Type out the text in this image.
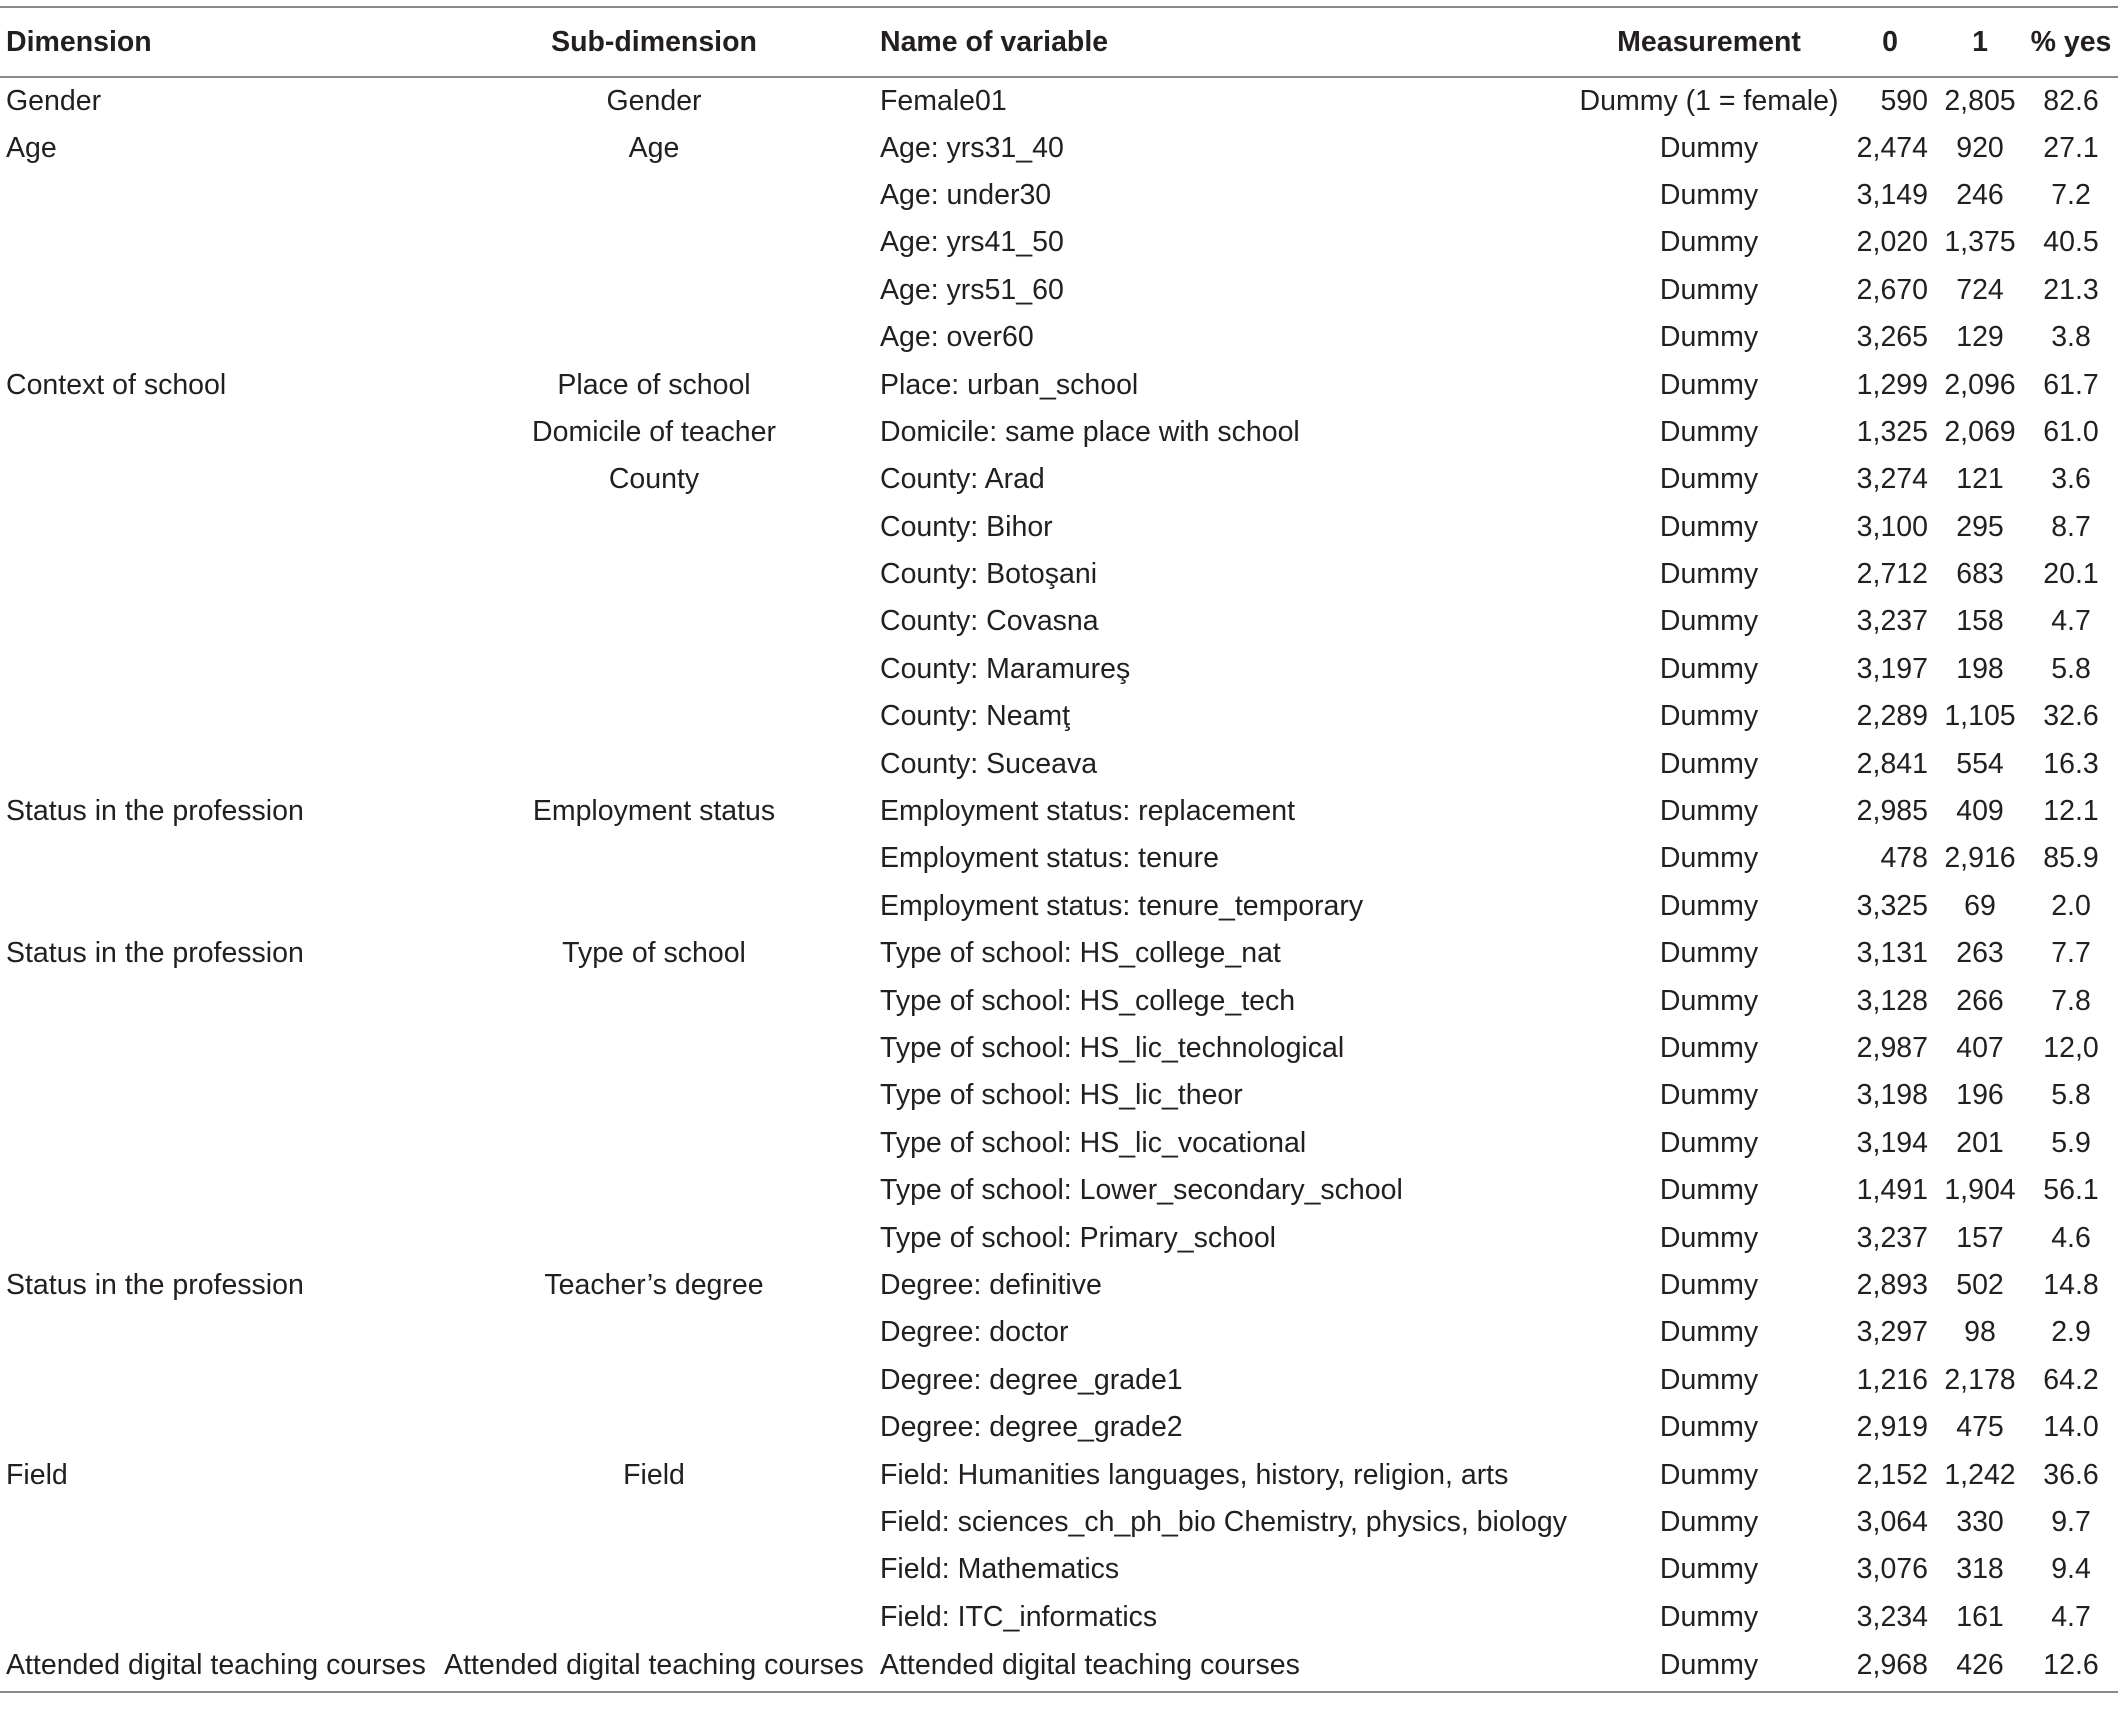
Dimension	Sub-dimension	Name of variable	Measurement	0	1	% yes
Gender	Gender	Female01	Dummy (1 = female)	590	2,805	82.6
Age	Age	Age: yrs31_40	Dummy	2,474	920	27.1
		Age: under30	Dummy	3,149	246	7.2
		Age: yrs41_50	Dummy	2,020	1,375	40.5
		Age: yrs51_60	Dummy	2,670	724	21.3
		Age: over60	Dummy	3,265	129	3.8
Context of school	Place of school	Place: urban_school	Dummy	1,299	2,096	61.7
	Domicile of teacher	Domicile: same place with school	Dummy	1,325	2,069	61.0
	County	County: Arad	Dummy	3,274	121	3.6
		County: Bihor	Dummy	3,100	295	8.7
		County: Botoşani	Dummy	2,712	683	20.1
		County: Covasna	Dummy	3,237	158	4.7
		County: Maramureş	Dummy	3,197	198	5.8
		County: Neamţ	Dummy	2,289	1,105	32.6
		County: Suceava	Dummy	2,841	554	16.3
Status in the profession	Employment status	Employment status: replacement	Dummy	2,985	409	12.1
		Employment status: tenure	Dummy	478	2,916	85.9
		Employment status: tenure_temporary	Dummy	3,325	69	2.0
Status in the profession	Type of school	Type of school: HS_college_nat	Dummy	3,131	263	7.7
		Type of school: HS_college_tech	Dummy	3,128	266	7.8
		Type of school: HS_lic_technological	Dummy	2,987	407	12,0
		Type of school: HS_lic_theor	Dummy	3,198	196	5.8
		Type of school: HS_lic_vocational	Dummy	3,194	201	5.9
		Type of school: Lower_secondary_school	Dummy	1,491	1,904	56.1
		Type of school: Primary_school	Dummy	3,237	157	4.6
Status in the profession	Teacher’s degree	Degree: definitive	Dummy	2,893	502	14.8
		Degree: doctor	Dummy	3,297	98	2.9
		Degree: degree_grade1	Dummy	1,216	2,178	64.2
		Degree: degree_grade2	Dummy	2,919	475	14.0
Field	Field	Field: Humanities languages, history, religion, arts	Dummy	2,152	1,242	36.6
		Field: sciences_ch_ph_bio Chemistry, physics, biology	Dummy	3,064	330	9.7
		Field: Mathematics	Dummy	3,076	318	9.4
		Field: ITC_informatics	Dummy	3,234	161	4.7
Attended digital teaching courses	Attended digital teaching courses	Attended digital teaching courses	Dummy	2,968	426	12.6
